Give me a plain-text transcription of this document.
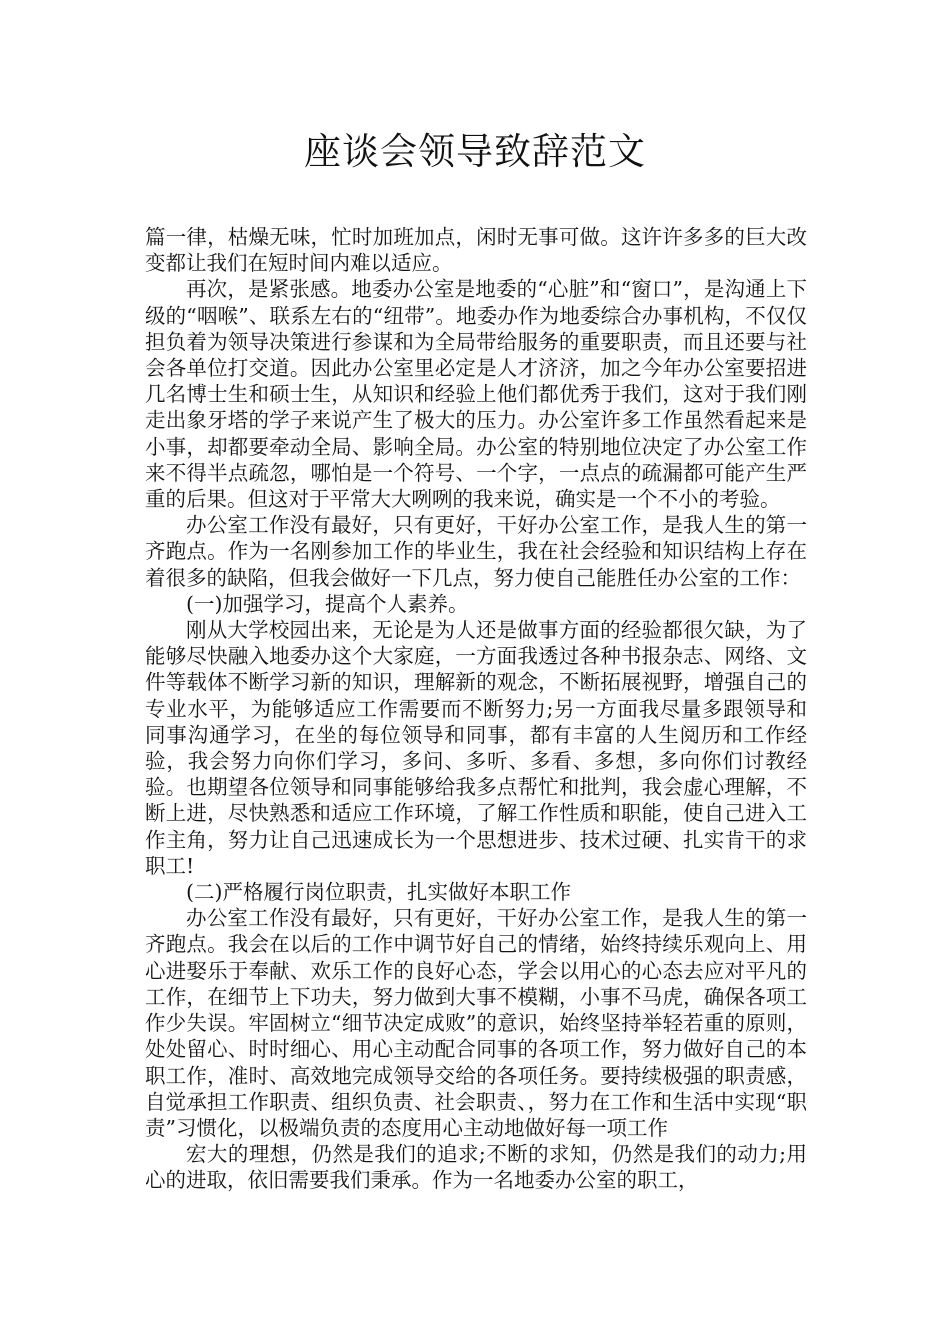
座谈会领导致辞范文

篇一律，枯燥无味，忙时加班加点，闲时无事可做。这许许多多的巨大改变都让我们在短时间内难以适应。

再次，是紧张感。地委办公室是地委的“心脏”和“窗口”，是沟通上下级的“咽喉”、联系左右的“纽带”。地委办作为地委综合办事机构，不仅仅担负着为领导决策进行参谋和为全局带给服务的重要职责，而且还要与社会各单位打交道。因此办公室里必定是人才济济，加之今年办公室要招进几名博士生和硕士生，从知识和经验上他们都优秀于我们，这对于我们刚走出象牙塔的学子来说产生了极大的压力。办公室许多工作虽然看起来是小事，却都要牵动全局、影响全局。办公室的特别地位决定了办公室工作来不得半点疏忽，哪怕是一个符号、一个字，一点点的疏漏都可能产生严重的后果。但这对于平常大大咧咧的我来说，确实是一个不小的考验。

办公室工作没有最好，只有更好，干好办公室工作，是我人生的第一齐跑点。作为一名刚参加工作的毕业生，我在社会经验和知识结构上存在着很多的缺陷，但我会做好一下几点，努力使自己能胜任办公室的工作：

(一)加强学习，提高个人素养。

刚从大学校园出来，无论是为人还是做事方面的经验都很欠缺，为了能够尽快融入地委办这个大家庭，一方面我透过各种书报杂志、网络、文件等载体不断学习新的知识，理解新的观念，不断拓展视野，增强自己的专业水平，为能够适应工作需要而不断努力;另一方面我尽量多跟领导和同事沟通学习，在坐的每位领导和同事，都有丰富的人生阅历和工作经验，我会努力向你们学习，多问、多听、多看、多想，多向你们讨教经验。也期望各位领导和同事能够给我多点帮忙和批判，我会虚心理解，不断上进，尽快熟悉和适应工作环境，了解工作性质和职能，使自己进入工作主角，努力让自己迅速成长为一个思想进步、技术过硬、扎实肯干的求职工!

(二)严格履行岗位职责，扎实做好本职工作

办公室工作没有最好，只有更好，干好办公室工作，是我人生的第一齐跑点。我会在以后的工作中调节好自己的情绪，始终持续乐观向上、用心进娶乐于奉献、欢乐工作的良好心态，学会以用心的心态去应对平凡的工作，在细节上下功夫，努力做到大事不模糊，小事不马虎，确保各项工作少失误。牢固树立“细节决定成败”的意识，始终坚持举轻若重的原则，处处留心、时时细心、用心主动配合同事的各项工作，努力做好自己的本职工作，准时、高效地完成领导交给的各项任务。要持续极强的职责感，自觉承担工作职责、组织负责、社会职责、，努力在工作和生活中实现“职责”习惯化，以极端负责的态度用心主动地做好每一项工作

宏大的理想，仍然是我们的追求;不断的求知，仍然是我们的动力;用心的进取，依旧需要我们秉承。作为一名地委办公室的职工，
